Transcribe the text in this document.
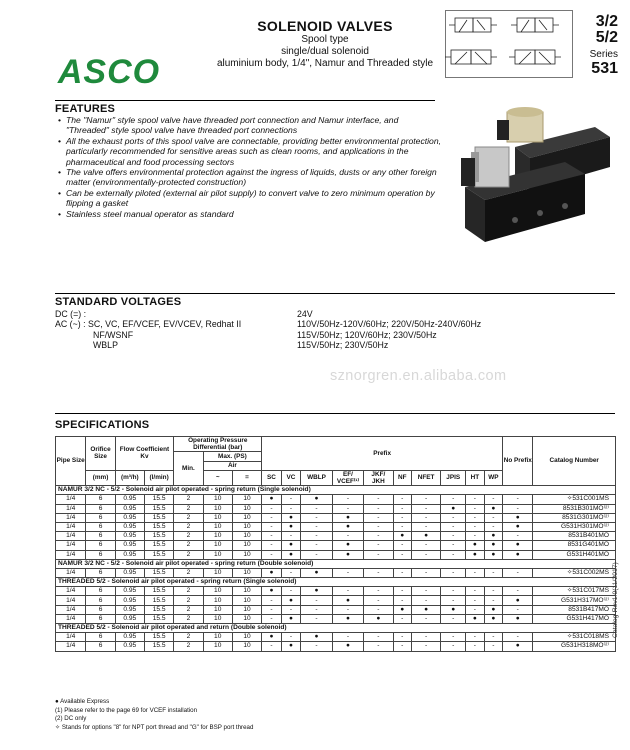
ASCO
SOLENOID VALVES
Spool type
single/dual solenoid
aluminium body, 1/4", Namur and Threaded style
3/2
5/2
Series
531
FEATURES
• The "Namur" style spool valve have threaded port connection and Namur interface, and "Threaded" style spool valve have threaded port connections
• All the exhaust ports of this spool valve are connectable, providing better environmental protection, particularly recommended for sensitive areas such as clean rooms, and applications in the pharmaceutical and food processing sectors
• The valve offers environmental protection against the ingress of liquids, dusts or any other foreign matter (environmentally-protected construction)
• Can be externally piloted (external air pilot supply) to convert valve to zero minimum operation by flipping a gasket
• Stainless steel manual operator as standard
STANDARD VOLTAGES
DC (=) :	24V
AC (~) : SC, VC, EF/VCEF, EV/VCEV, Redhat II	110V/50Hz-120V/60Hz; 220V/50Hz-240V/60Hz
NF/WSNF	115V/50Hz; 120V/60Hz; 230V/50Hz
WBLP	115V/50Hz; 230V/50Hz
sznorgren.en.alibaba.com
SPECIFICATIONS
Pipe Size	Orifice Size	Flow Coefficient Kv		Operating Pressure Differential (bar)			Prefix										No Prefix	Catalog Number
				Min.	Max. (PS)													
					Air													
	(mm)	(m³/h)	(l/min)		~	=	SC	VC	WBLP	EF/ VCEF⁽¹⁾	JKF/ JKH	NF	NFET	JPIS	HT	WP		
NAMUR 3/2 NC - 5/2 - Solenoid air pilot operated - spring return (Single solenoid)																		
1/4	6	0.95	15.5	2	10	10	●	-	●	-	-	-	-	-	-	-	-	✧531C001MS
1/4	6	0.95	15.5	2	10	10	-	-	-	-	-	-	-	●	-	●	-	8531B301MO⁽²⁾
1/4	6	0.95	15.5	2	10	10	-	●	-	●	-	-	-	-	-	-	●	8531G301MO⁽²⁾
1/4	6	0.95	15.5	2	10	10	-	●	-	●	-	-	-	-	-	-	●	G531H301MO⁽²⁾
1/4	6	0.95	15.5	2	10	10	-	-	-	-	-	●	●	-	-	●	-	8531B401MO
1/4	6	0.95	15.5	2	10	10	-	●	-	●	-	-	-	-	●	●	●	8531G401MO
1/4	6	0.95	15.5	2	10	10	-	●	-	●	-	-	-	-	●	●	●	G531H401MO
NAMUR 3/2 NC - 5/2 - Solenoid air pilot operated - spring return (Double solenoid)																		
1/4	6	0.95	15.5	2	10	10	●	-	●	-	-	-	-	-	-	-	-	✧531C002MS
THREADED 5/2 - Solenoid air pilot operated - spring return (Single solenoid)																		
1/4	6	0.95	15.5	2	10	10	●	-	●	-	-	-	-	-	-	-	-	✧531C017MS
1/4	6	0.95	15.5	2	10	10	-	●	-	●	-	-	-	-	-	-	●	G531H317MO⁽²⁾
1/4	6	0.95	15.5	2	10	10	-	-	-	-	-	●	●	●	-	●	-	8531B417MO
1/4	6	0.95	15.5	2	10	10	-	●	-	●	●	-	-	-	●	●	●	G531H417MO
THREADED 5/2 - Solenoid air pilot operated and return (Double solenoid)																		
1/4	6	0.95	15.5	2	10	10	●	-	●	-	-	-	-	-	-	-	-	✧531C018MS
1/4	6	0.95	15.5	2	10	10	-	●	-	●	-	-	-	-	-	-	●	G531H318MO⁽²⁾
● Available Express
(1) Please refer to the page 69 for VCEF installation
(2) DC only
✧ Stands for options "8" for NPT port thread and "G" for BSP port thread
Catalog-Rev1.0(11/2017)
